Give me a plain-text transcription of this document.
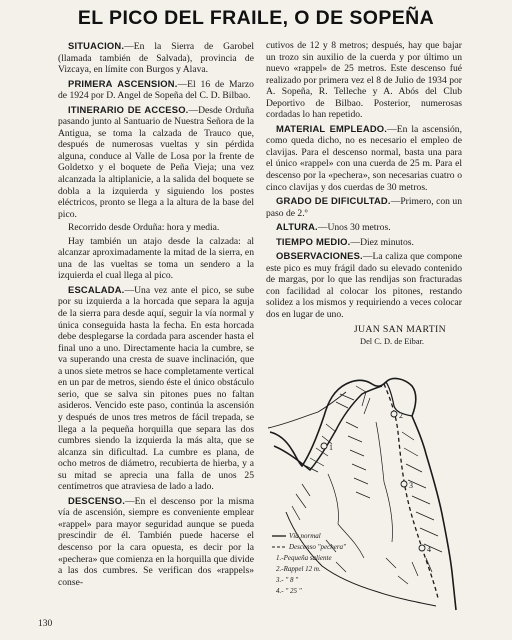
EL PICO DEL FRAILE, O DE SOPEÑA

SITUACION.—En la Sierra de Garobel (llamada también de Salvada), provincia de Vizcaya, en límite con Burgos y Alava.

PRIMERA ASCENSION.—El 16 de Marzo de 1924 por D. Angel de Sopeña del C. D. Bilbao.

ITINERARIO DE ACCESO.—Desde Orduña pasando junto al Santuario de Nuestra Señora de la Antigua, se toma la calzada de Trauco que, después de numerosas vueltas y sin pérdida alguna, conduce al Valle de Losa por la frente de Goldetxo y el boquete de Peña Vieja; una vez alcanzada la altiplanicie, a la salida del boquete se dobla a la izquierda y siguiendo los postes eléctricos, pronto se llega a la altura de la base del pico.

Recorrido desde Orduña: hora y media.

Hay también un atajo desde la calzada: al alcanzar aproximadamente la mitad de la sierra, en una de las vueltas se toma un sendero a la izquierda el cual llega al pico.

ESCALADA.—Una vez ante el pico, se sube por su izquierda a la horcada que separa la aguja de la sierra para desde aquí, seguir la vía normal y única conseguida hasta la fecha. En esta horcada debe desplegarse la cordada para ascender hasta el final uno a uno. Directamente hacia la cumbre, se va superando una cresta de suave inclinación, que a unos siete metros se hace completamente vertical en un par de metros, siendo éste el único obstáculo serio, que se salva sin pitones pues no faltan asideros. Vencido este paso, continúa la ascensión y después de unos tres metros de fácil trepada, se llega a la pequeña horquilla que separa las dos cumbres siendo la izquierda la más alta, que se alcanza sin dificultad. La cumbre es plana, de ocho metros de diámetro, recubierta de hierba, y a su mitad se aprecia una falla de unos 25 centímetros que atraviesa de lado a lado.

DESCENSO.—En el descenso por la misma vía de ascensión, siempre es conveniente emplear «rappel» para mayor seguridad aunque se pueda prescindir de él. También puede hacerse el descenso por la cara opuesta, es decir por la «pechera» que comienza en la horquilla que divide a las dos cumbres. Se verifican dos «rappels» conse-

cutivos de 12 y 8 metros; después, hay que bajar un trozo sin auxilio de la cuerda y por último un nuevo «rappel» de 25 metros. Este descenso fué realizado por primera vez el 8 de Julio de 1934 por A. Sopeña, R. Telleche y A. Abós del Club Deportivo de Bilbao. Posterior, numerosas cordadas lo han repetido.

MATERIAL EMPLEADO.—En la ascensión, como queda dicho, no es necesario el empleo de clavijas. Para el descenso normal, basta una para el único «rappel» con una cuerda de 25 m. Para el descenso por la «pechera», son necesarias cuatro o cinco clavijas y dos cuerdas de 30 metros.

GRADO DE DIFICULTAD.—Primero, con un paso de 2.º

ALTURA.—Unos 30 metros.

TIEMPO MEDIO.—Diez minutos.

OBSERVACIONES.—La caliza que compone este pico es muy frágil dado su elevado contenido de margas, por lo que las rendijas son fracturadas con facilidad al colocar los pitones, restando solidez a los mismos y requiriendo a veces colocar dos en lugar de uno.

JUAN SAN MARTIN
Del C. D. de Eibar.
1
2
3
4
Vía normal
Descenso "pechera"
1.-Pequeña saliente
2.-Rappel 12 m.
3.- " 8 "
4.- " 25 "
130
